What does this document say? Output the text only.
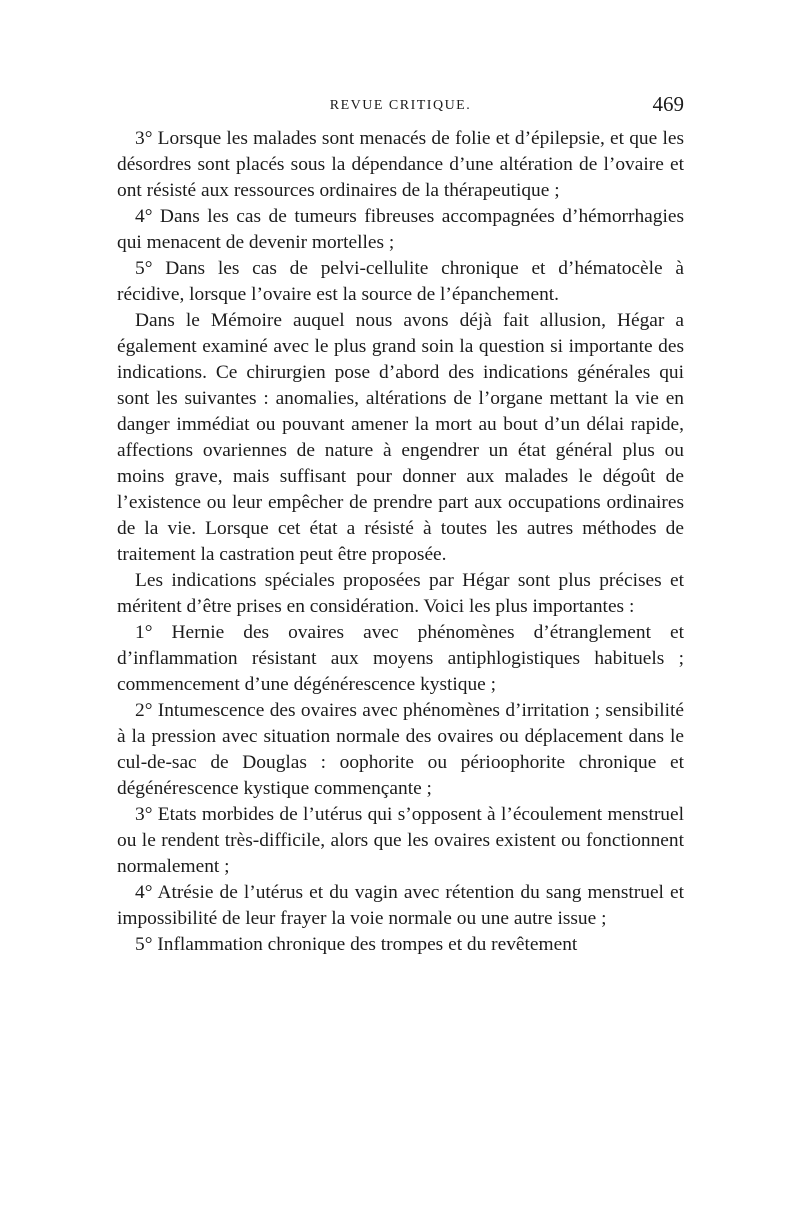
REVUE CRITIQUE.	469

3° Lorsque les malades sont menacés de folie et d’épilepsie, et que les désordres sont placés sous la dépendance d’une altération de l’ovaire et ont résisté aux ressources ordinaires de la thérapeutique ;

4° Dans les cas de tumeurs fibreuses accompagnées d’hémorrhagies qui menacent de devenir mortelles ;

5° Dans les cas de pelvi-cellulite chronique et d’hématocèle à récidive, lorsque l’ovaire est la source de l’épanchement.

Dans le Mémoire auquel nous avons déjà fait allusion, Hégar a également examiné avec le plus grand soin la question si importante des indications. Ce chirurgien pose d’abord des indications générales qui sont les suivantes : anomalies, altérations de l’organe mettant la vie en danger immédiat ou pouvant amener la mort au bout d’un délai rapide, affections ovariennes de nature à engendrer un état général plus ou moins grave, mais suffisant pour donner aux malades le dégoût de l’existence ou leur empêcher de prendre part aux occupations ordinaires de la vie. Lorsque cet état a résisté à toutes les autres méthodes de traitement la castration peut être proposée.

Les indications spéciales proposées par Hégar sont plus précises et méritent d’être prises en considération. Voici les plus importantes :

1° Hernie des ovaires avec phénomènes d’étranglement et d’inflammation résistant aux moyens antiphlogistiques habituels ; commencement d’une dégénérescence kystique ;

2° Intumescence des ovaires avec phénomènes d’irritation ; sensibilité à la pression avec situation normale des ovaires ou déplacement dans le cul-de-sac de Douglas : oophorite ou périoophorite chronique et dégénérescence kystique commençante ;

3° Etats morbides de l’utérus qui s’opposent à l’écoulement menstruel ou le rendent très-difficile, alors que les ovaires existent ou fonctionnent normalement ;

4° Atrésie de l’utérus et du vagin avec rétention du sang menstruel et impossibilité de leur frayer la voie normale ou une autre issue ;

5° Inflammation chronique des trompes et du revêtement
